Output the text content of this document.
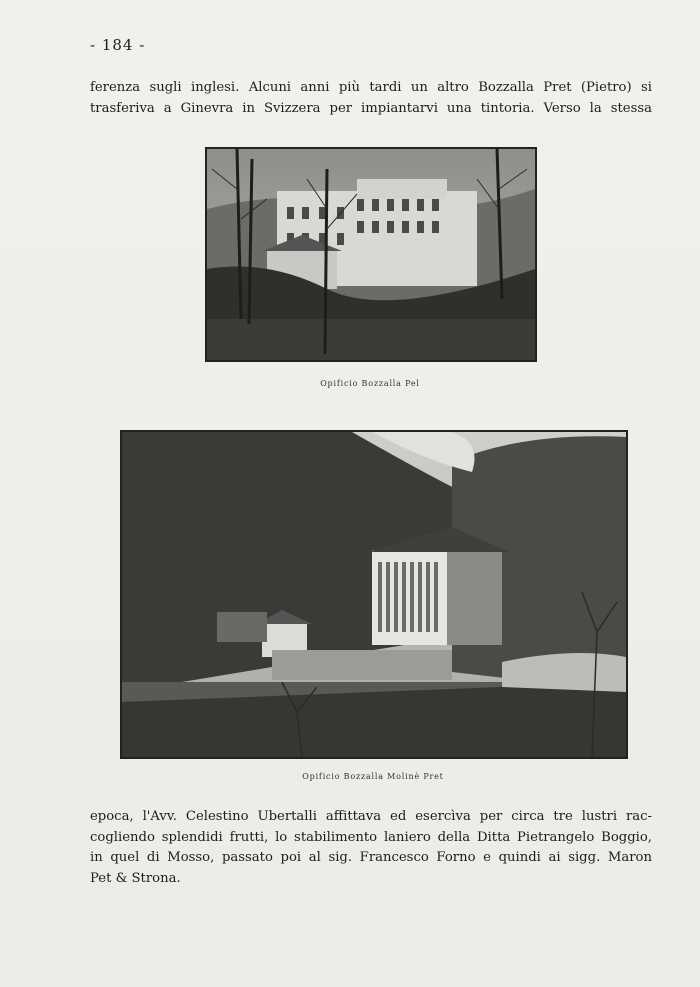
- 184 -
ferenza sugli inglesi. Alcuni anni più tardi un altro Bozzalla Pret (Pietro) si
trasferiva a Ginevra in Svizzera per impiantarvi una tintoria. Verso la stessa
Opificio Bozzalla Pel
Opificio Bozzalla Molinè Pret
epoca, l'Avv. Celestino Ubertalli affittava ed esercìva per circa tre lustri rac-
cogliendo splendidi frutti, lo stabilimento laniero della Ditta Pietrangelo Boggio,
in quel di Mosso, passato poi al sig. Francesco Forno e quindi ai sigg. Maron
Pet & Strona.
